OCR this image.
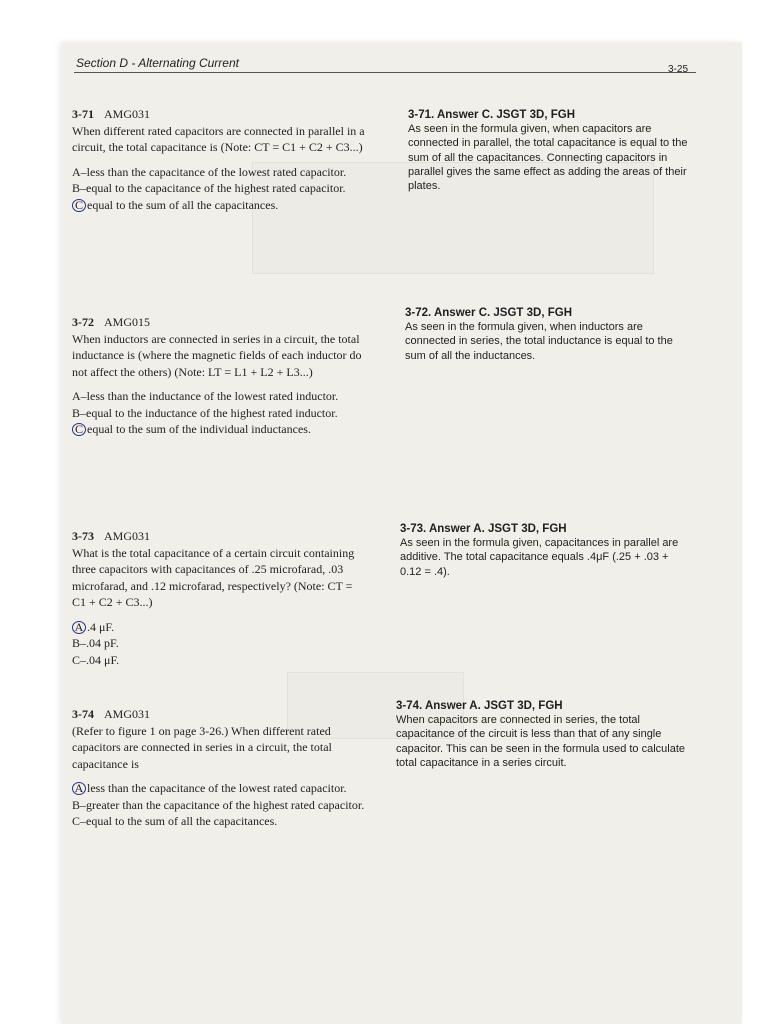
Section D - Alternating Current	3-25
3-71 AMG031
When different rated capacitors are connected in parallel in a circuit, the total capacitance is (Note: CT = C1 + C2 + C3...)
A–less than the capacitance of the lowest rated capacitor.
B–equal to the capacitance of the highest rated capacitor.
C equal to the sum of all the capacitances.
3-72 AMG015
When inductors are connected in series in a circuit, the total inductance is (where the magnetic fields of each inductor do not affect the others) (Note: LT = L1 + L2 + L3...)
A–less than the inductance of the lowest rated inductor.
B–equal to the inductance of the highest rated inductor.
C equal to the sum of the individual inductances.
3-73 AMG031
What is the total capacitance of a certain circuit containing three capacitors with capacitances of .25 microfarad, .03 microfarad, and .12 microfarad, respectively? (Note: CT = C1 + C2 + C3...)
A .4 μF.
B–.04 pF.
C–.04 μF.
3-74 AMG031
(Refer to figure 1 on page 3-26.) When different rated capacitors are connected in series in a circuit, the total capacitance is
A less than the capacitance of the lowest rated capacitor.
B–greater than the capacitance of the highest rated capacitor.
C–equal to the sum of all the capacitances.
3-71. Answer C. JSGT 3D, FGH
As seen in the formula given, when capacitors are connected in parallel, the total capacitance is equal to the sum of all the capacitances. Connecting capacitors in parallel gives the same effect as adding the areas of their plates.
3-72. Answer C. JSGT 3D, FGH
As seen in the formula given, when inductors are connected in series, the total inductance is equal to the sum of all the inductances.
3-73. Answer A. JSGT 3D, FGH
As seen in the formula given, capacitances in parallel are additive. The total capacitance equals .4μF (.25 + .03 + 0.12 = .4).
3-74. Answer A. JSGT 3D, FGH
When capacitors are connected in series, the total capacitance of the circuit is less than that of any single capacitor. This can be seen in the formula used to calculate total capacitance in a series circuit.
